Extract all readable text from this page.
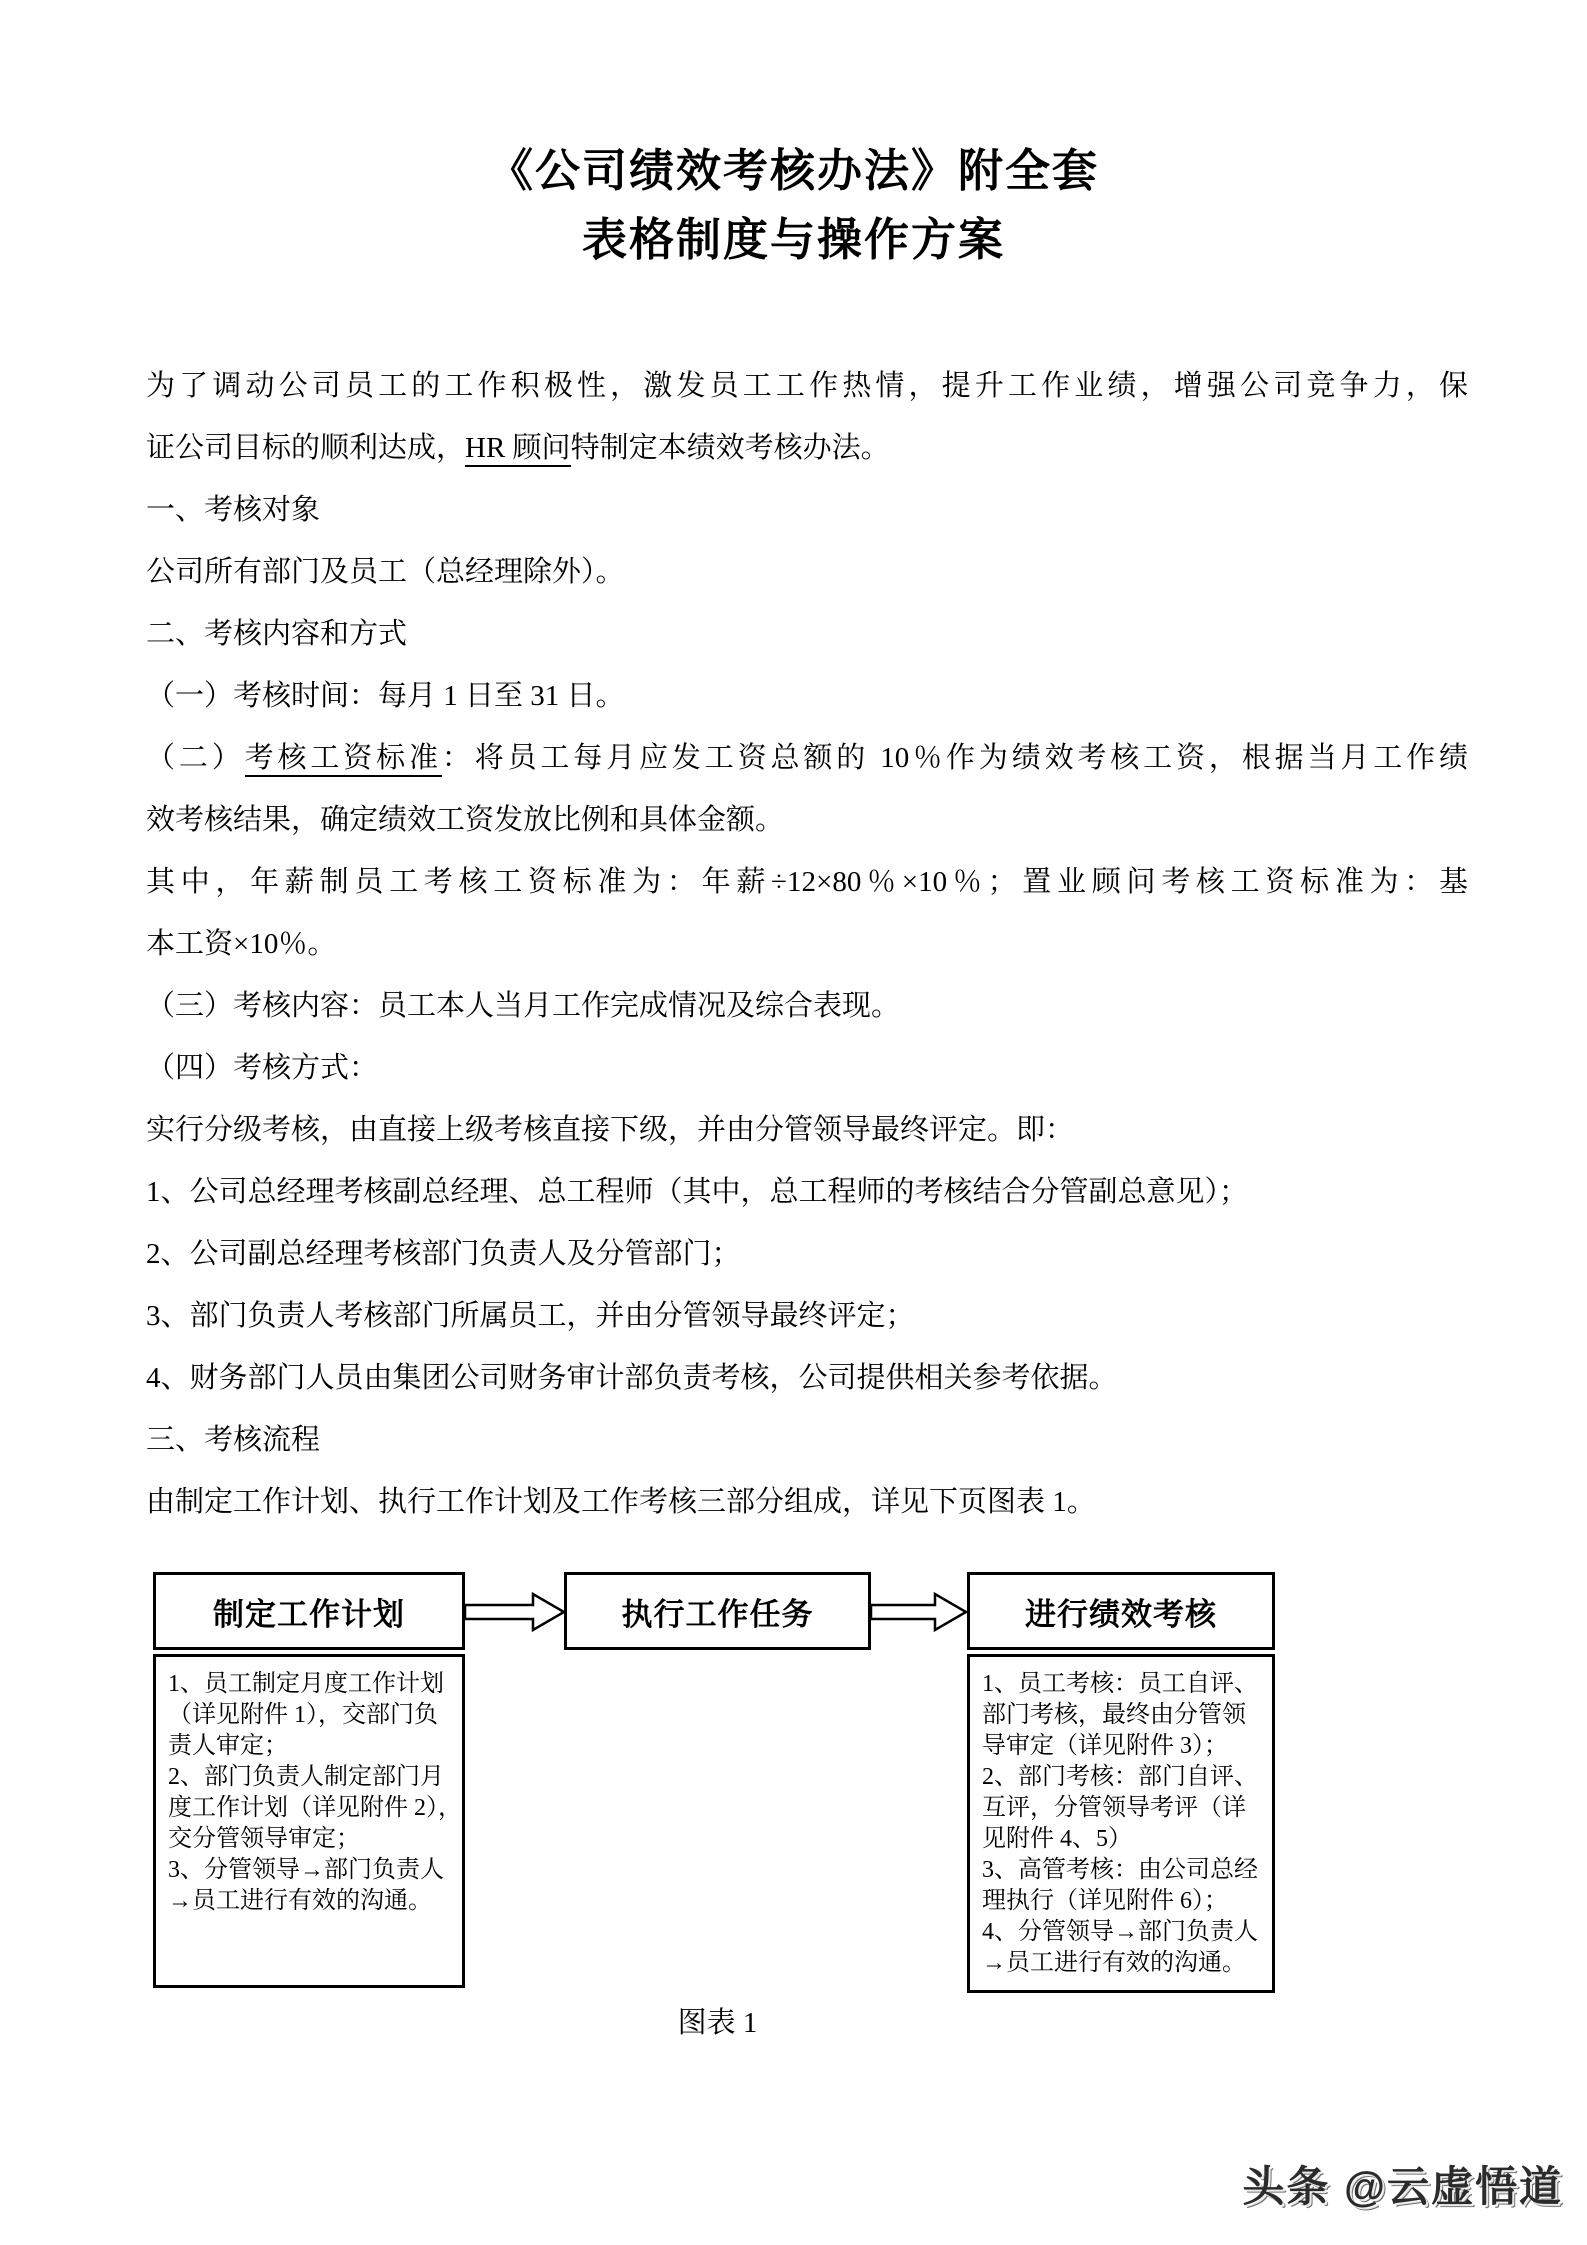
《公司绩效考核办法》附全套
表格制度与操作方案
为了调动公司员工的工作积极性，激发员工工作热情，提升工作业绩，增强公司竞争力，保
证公司目标的顺利达成，HR 顾问特制定本绩效考核办法。
一、考核对象
公司所有部门及员工（总经理除外）。
二、考核内容和方式
（一）考核时间：每月 1 日至 31 日。
（二）考核工资标准：将员工每月应发工资总额的 10％作为绩效考核工资，根据当月工作绩
效考核结果，确定绩效工资发放比例和具体金额。
其中，年薪制员工考核工资标准为：年薪÷12×80％×10％；置业顾问考核工资标准为：基
本工资×10％。
（三）考核内容：员工本人当月工作完成情况及综合表现。
（四）考核方式：
实行分级考核，由直接上级考核直接下级，并由分管领导最终评定。即：
1、公司总经理考核副总经理、总工程师（其中，总工程师的考核结合分管副总意见）；
2、公司副总经理考核部门负责人及分管部门；
3、部门负责人考核部门所属员工，并由分管领导最终评定；
4、财务部门人员由集团公司财务审计部负责考核，公司提供相关参考依据。
三、考核流程
由制定工作计划、执行工作计划及工作考核三部分组成，详见下页图表 1。
制定工作计划
1、员工制定月度工作计划
（详见附件 1），交部门负
责人审定；
2、部门负责人制定部门月
度工作计划（详见附件 2），
交分管领导审定；
3、分管领导→部门负责人
→员工进行有效的沟通。
执行工作任务	进行绩效考核
1、员工考核：员工自评、
部门考核，最终由分管领
导审定（详见附件 3）；
2、部门考核：部门自评、
互评，分管领导考评（详
见附件 4、5）
3、高管考核：由公司总经
理执行（详见附件 6）；
4、分管领导→部门负责人
→员工进行有效的沟通。
图表 1
头条 @云虚悟道
